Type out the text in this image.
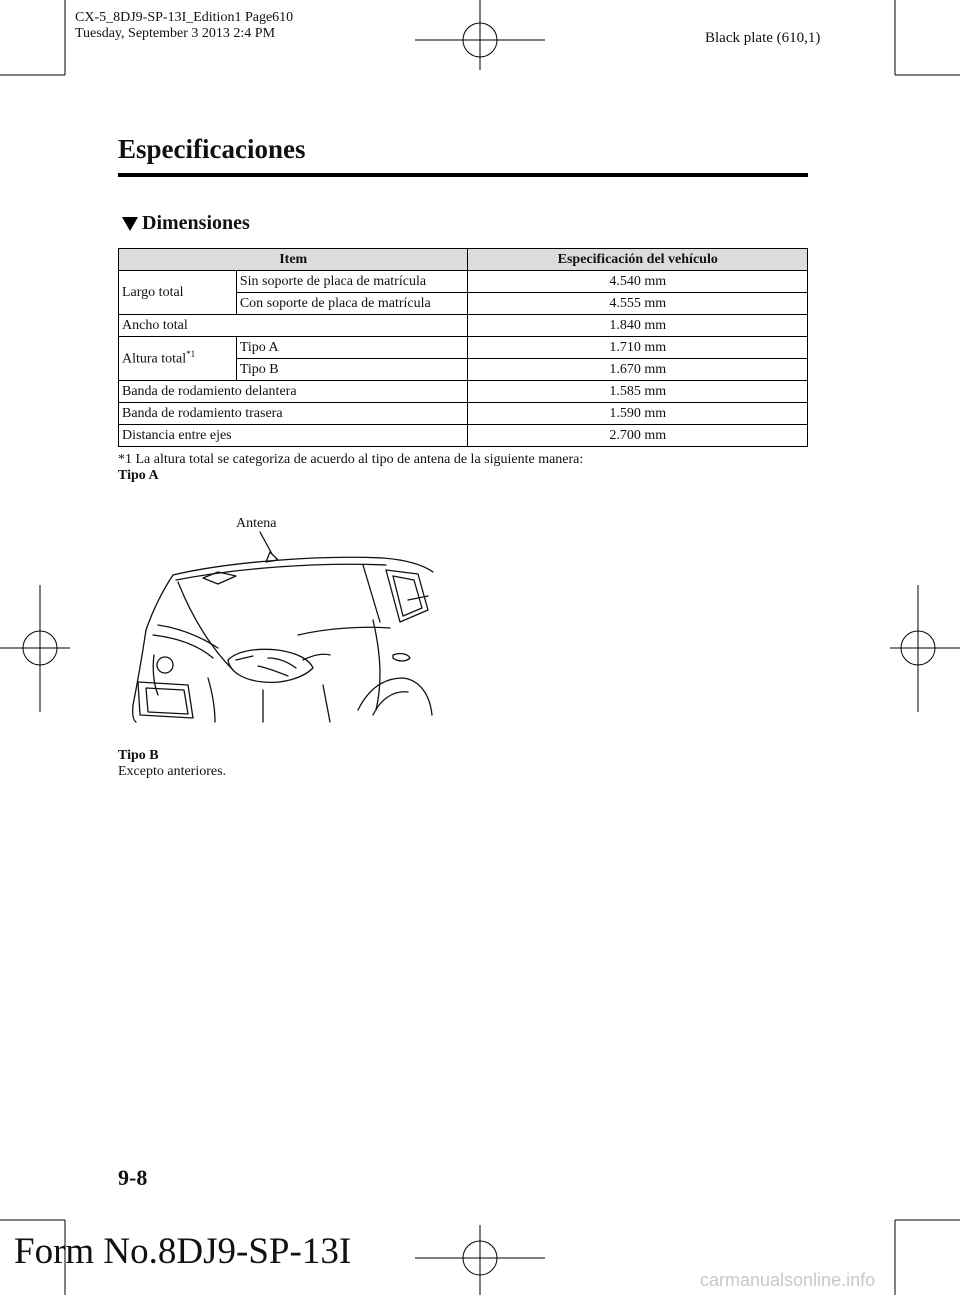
CX-5_8DJ9-SP-13I_Edition1 Page610
Tuesday, September 3 2013 2:4 PM	Black plate (610,1)
Especificaciones
Dimensiones
Item		Especificación del vehículo
Largo total	Sin soporte de placa de matrícula	4.540 mm
	Con soporte de placa de matrícula	4.555 mm
Ancho total		1.840 mm
Altura total$^{*1}$	Tipo A	1.710 mm
	Tipo B	1.670 mm
Banda de rodamiento delantera		1.585 mm
Banda de rodamiento trasera		1.590 mm
Distancia entre ejes		2.700 mm
*1 La altura total se categoriza de acuerdo al tipo de antena de la siguiente manera:
Tipo A
Antena
Tipo B
Excepto anteriores.
9-8
Form No.8DJ9-SP-13I
carmanualsonline.info
